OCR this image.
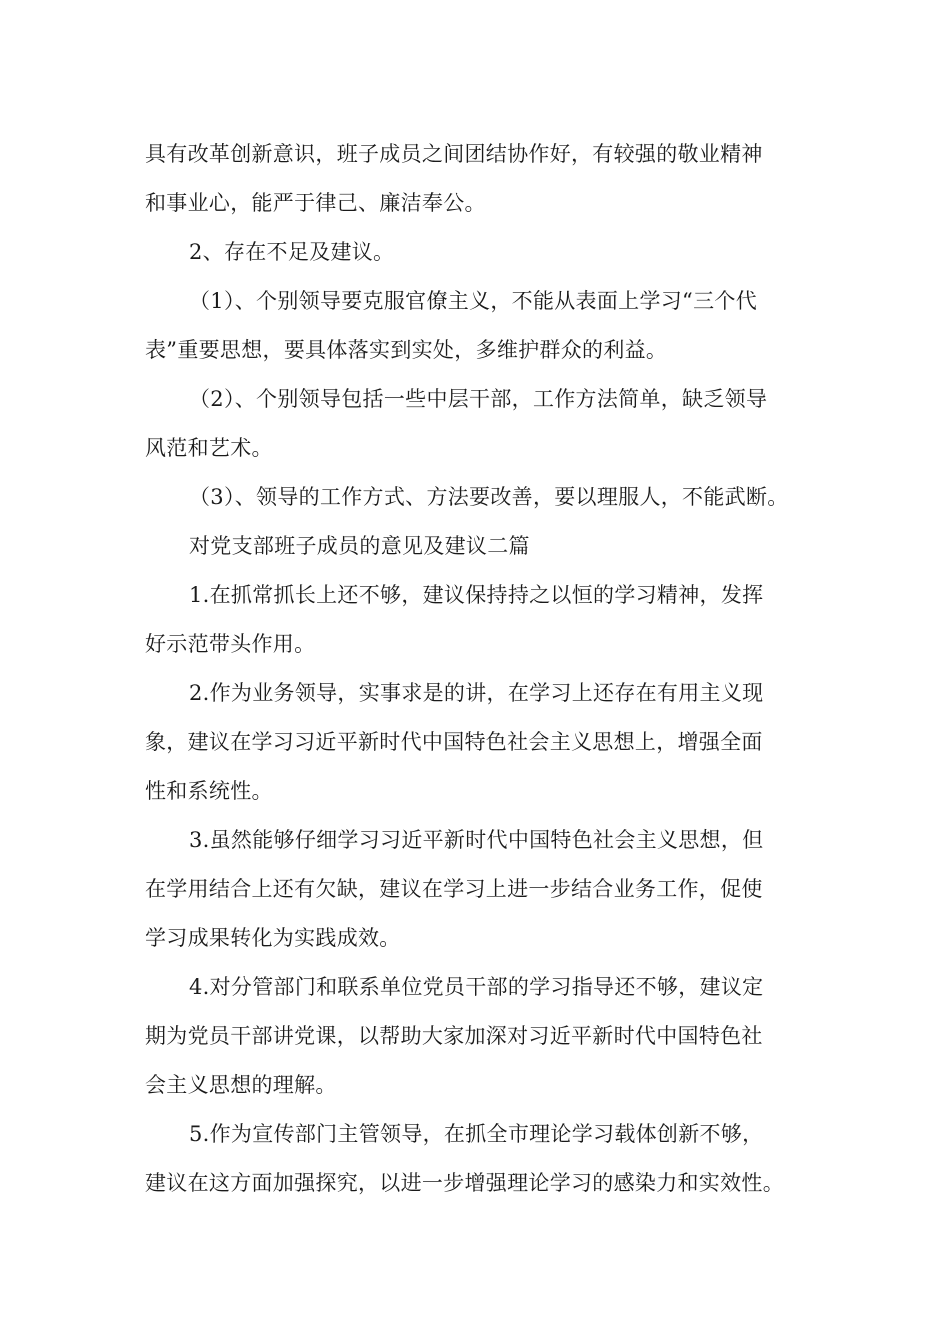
具有改革创新意识，班子成员之间团结协作好，有较强的敬业精神
和事业心，能严于律己、廉洁奉公。
2、存在不足及建议。
（1）、个别领导要克服官僚主义，不能从表面上学习“三个代
表”重要思想，要具体落实到实处，多维护群众的利益。
（2）、个别领导包括一些中层干部，工作方法简单，缺乏领导
风范和艺术。
（3）、领导的工作方式、方法要改善，要以理服人，不能武断。
对党支部班子成员的意见及建议二篇
1.在抓常抓长上还不够，建议保持持之以恒的学习精神，发挥
好示范带头作用。
2.作为业务领导，实事求是的讲，在学习上还存在有用主义现
象，建议在学习习近平新时代中国特色社会主义思想上，增强全面
性和系统性。
3.虽然能够仔细学习习近平新时代中国特色社会主义思想，但
在学用结合上还有欠缺，建议在学习上进一步结合业务工作，促使
学习成果转化为实践成效。
4.对分管部门和联系单位党员干部的学习指导还不够，建议定
期为党员干部讲党课，以帮助大家加深对习近平新时代中国特色社
会主义思想的理解。
5.作为宣传部门主管领导，在抓全市理论学习载体创新不够，
建议在这方面加强探究，以进一步增强理论学习的感染力和实效性。
